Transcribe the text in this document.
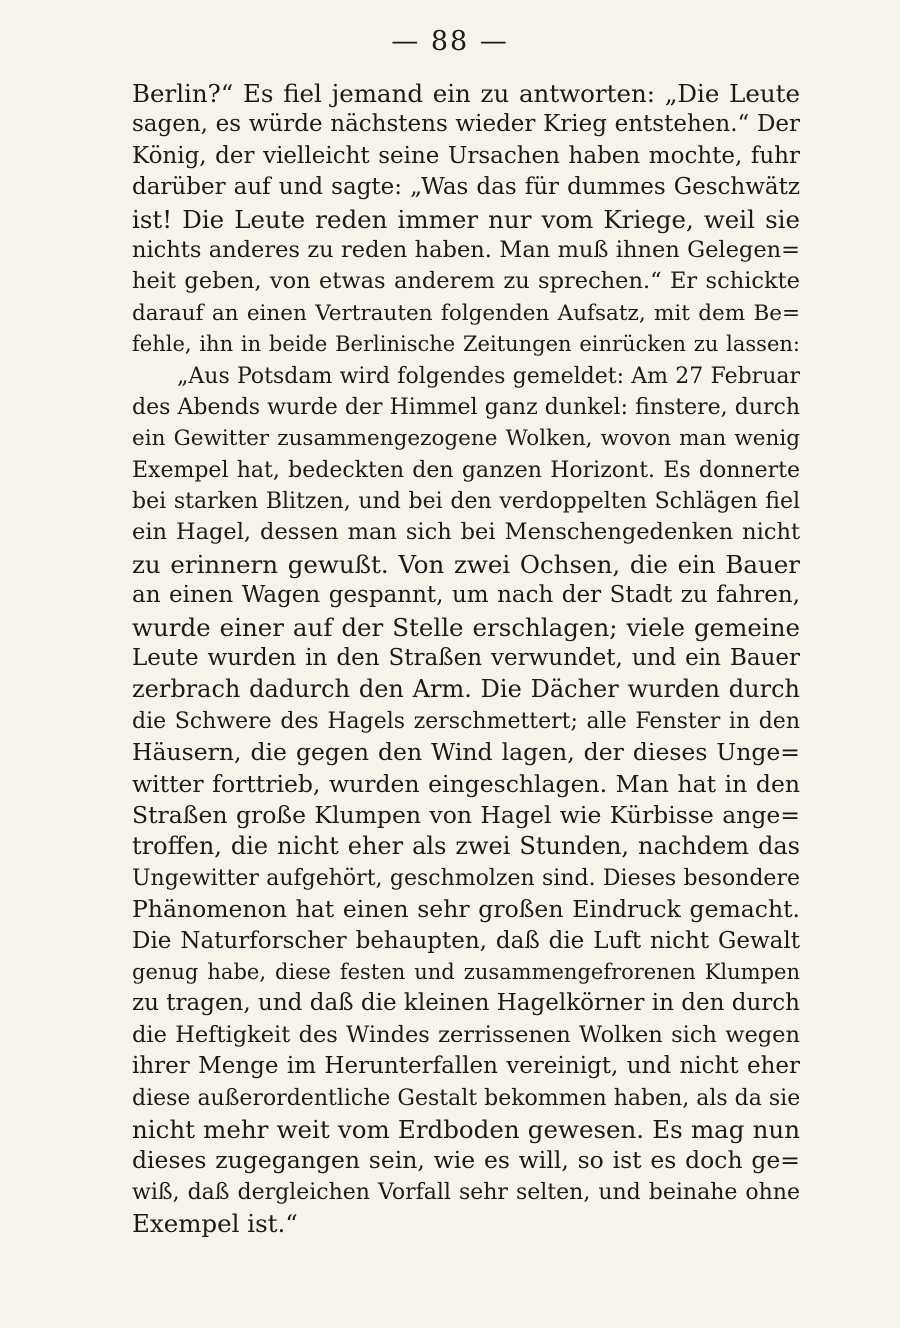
— 88 —
Berlin?“ Es fiel jemand ein zu antworten: „Die Leute
sagen, es würde nächstens wieder Krieg entstehen.“ Der
König, der vielleicht seine Ursachen haben mochte, fuhr
darüber auf und sagte: „Was das für dummes Geschwätz
ist! Die Leute reden immer nur vom Kriege, weil sie
nichts anderes zu reden haben. Man muß ihnen Gelegen=
heit geben, von etwas anderem zu sprechen.“ Er schickte
darauf an einen Vertrauten folgenden Aufsatz, mit dem Be=
fehle, ihn in beide Berlinische Zeitungen einrücken zu lassen:
„Aus Potsdam wird folgendes gemeldet: Am 27 Februar
des Abends wurde der Himmel ganz dunkel: finstere, durch
ein Gewitter zusammengezogene Wolken, wovon man wenig
Exempel hat, bedeckten den ganzen Horizont. Es donnerte
bei starken Blitzen, und bei den verdoppelten Schlägen fiel
ein Hagel, dessen man sich bei Menschengedenken nicht
zu erinnern gewußt. Von zwei Ochsen, die ein Bauer
an einen Wagen gespannt, um nach der Stadt zu fahren,
wurde einer auf der Stelle erschlagen; viele gemeine
Leute wurden in den Straßen verwundet, und ein Bauer
zerbrach dadurch den Arm. Die Dächer wurden durch
die Schwere des Hagels zerschmettert; alle Fenster in den
Häusern, die gegen den Wind lagen, der dieses Unge=
witter forttrieb, wurden eingeschlagen. Man hat in den
Straßen große Klumpen von Hagel wie Kürbisse ange=
troffen, die nicht eher als zwei Stunden, nachdem das
Ungewitter aufgehört, geschmolzen sind. Dieses besondere
Phänomenon hat einen sehr großen Eindruck gemacht.
Die Naturforscher behaupten, daß die Luft nicht Gewalt
genug habe, diese festen und zusammengefrorenen Klumpen
zu tragen, und daß die kleinen Hagelkörner in den durch
die Heftigkeit des Windes zerrissenen Wolken sich wegen
ihrer Menge im Herunterfallen vereinigt, und nicht eher
diese außerordentliche Gestalt bekommen haben, als da sie
nicht mehr weit vom Erdboden gewesen. Es mag nun
dieses zugegangen sein, wie es will, so ist es doch ge=
wiß, daß dergleichen Vorfall sehr selten, und beinahe ohne
Exempel ist.“
